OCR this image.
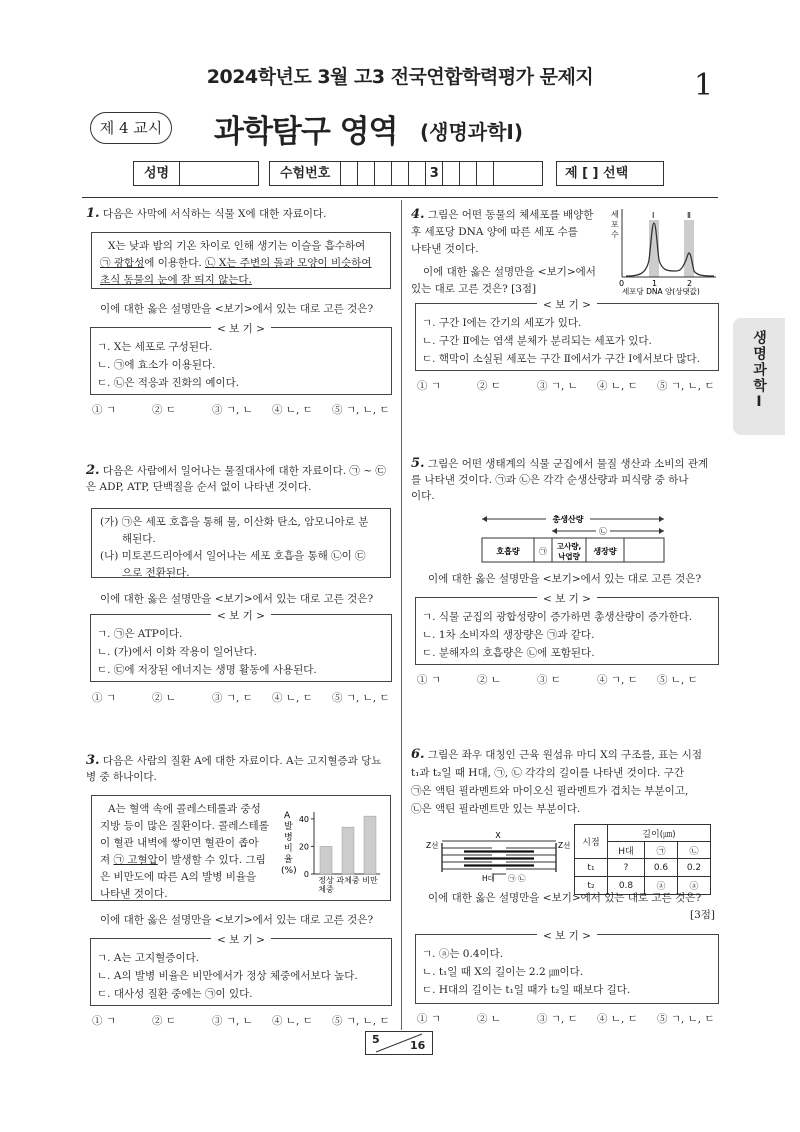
2024학년도 3월 고3 전국연합학력평가 문제지	1
제 4 교시	과학탐구 영역 (생명과학Ⅰ)
성명	수험번호	3	제 [ ] 선택
생명과학Ⅰ
1. 다음은 사막에 서식하는 식물 X에 대한 자료이다.
X는 낮과 밤의 기온 차이로 인해 생기는 이슬을 흡수하여
㉠ 광합성에 이용한다. ㉡ X는 주변의 돌과 모양이 비슷하여
초식 동물의 눈에 잘 띄지 않는다.
이에 대한 옳은 설명만을 <보기>에서 있는 대로 고른 것은?
< 보 기 >
ㄱ. X는 세포로 구성된다.
ㄴ. ㉠에 효소가 이용된다.
ㄷ. ㉡은 적응과 진화의 예이다.
① ㄱ	② ㄷ	③ ㄱ, ㄴ ④ ㄴ, ㄷ ⑤ ㄱ, ㄴ, ㄷ
2. 다음은 사람에서 일어나는 물질대사에 대한 자료이다. ㉠ ~ ㉢
은 ADP, ATP, 단백질을 순서 없이 나타낸 것이다.
(가) ㉠은 세포 호흡을 통해 물, 이산화 탄소, 암모니아로 분
해된다.
(나) 미토콘드리아에서 일어나는 세포 호흡을 통해 ㉡이 ㉢
으로 전환된다.
이에 대한 옳은 설명만을 <보기>에서 있는 대로 고른 것은?
< 보 기 >
ㄱ. ㉠은 ATP이다.
ㄴ. (가)에서 이화 작용이 일어난다.
ㄷ. ㉢에 저장된 에너지는 생명 활동에 사용된다.
① ㄱ	② ㄴ	③ ㄱ, ㄷ ④ ㄴ, ㄷ ⑤ ㄱ, ㄴ, ㄷ
3. 다음은 사람의 질환 A에 대한 자료이다. A는 고지혈증과 당뇨
병 중 하나이다.
A는 혈액 속에 콜레스테롤과 중성
지방 등이 많은 질환이다. 콜레스테롤
이 혈관 내벽에 쌓이면 혈관이 좁아
져 ㉠ 고혈압이 발생할 수 있다. 그림
은 비만도에 따른 A의 발병 비율을
나타낸 것이다.
A
발
병
비
율
(%) 0
20
40
정상 과체중 비만
체중
이에 대한 옳은 설명만을 <보기>에서 있는 대로 고른 것은?
< 보 기 >
ㄱ. A는 고지혈증이다.
ㄴ. A의 발병 비율은 비만에서가 정상 체중에서보다 높다.
ㄷ. 대사성 질환 중에는 ㉠이 있다.
① ㄱ	② ㄷ	③ ㄱ, ㄴ ④ ㄴ, ㄷ ⑤ ㄱ, ㄴ, ㄷ
4. 그림은 어떤 동물의 체세포를 배양한
후 세포당 DNA 양에 따른 세포 수를
나타낸 것이다.
이에 대한 옳은 설명만을 <보기>에서
있는 대로 고른 것은? [3점]
세
포
수
Ⅰ	Ⅱ
0	1	2
세포당 DNA 양(상댓값)
< 보 기 >
ㄱ. 구간 Ⅰ에는 간기의 세포가 있다.
ㄴ. 구간 Ⅱ에는 염색 분체가 분리되는 세포가 있다.
ㄷ. 핵막이 소실된 세포는 구간 Ⅱ에서가 구간 Ⅰ에서보다 많다.
① ㄱ	② ㄷ	③ ㄱ, ㄴ ④ ㄴ, ㄷ ⑤ ㄱ, ㄴ, ㄷ
5. 그림은 어떤 생태계의 식물 군집에서 물질 생산과 소비의 관계
를 나타낸 것이다. ㉠과 ㉡은 각각 순생산량과 피식량 중 하나
이다.
총생산량
㉡
호흡량 ㉠
고사량,
낙엽량
생장량
이에 대한 옳은 설명만을 <보기>에서 있는 대로 고른 것은?
< 보 기 >
ㄱ. 식물 군집의 광합성량이 증가하면 총생산량이 증가한다.
ㄴ. 1차 소비자의 생장량은 ㉠과 같다.
ㄷ. 분해자의 호흡량은 ㉡에 포함된다.
① ㄱ	② ㄴ	③ ㄷ	④ ㄱ, ㄷ ⑤ ㄴ, ㄷ
6. 그림은 좌우 대칭인 근육 원섬유 마디 X의 구조를, 표는 시점
t₁과 t₂일 때 H대, ㉠, ㉡ 각각의 길이를 나타낸 것이다. 구간
㉠은 액틴 필라멘트와 마이오신 필라멘트가 겹치는 부분이고,
㉡은 액틴 필라멘트만 있는 부분이다.
X
Z선	Z선
H대 ㉠ ㉡
시점	길이(㎛)		
	H대	㉠	㉡
t₁	?	0.6	0.2
t₂	0.8	ⓐ	ⓐ
이에 대한 옳은 설명만을 <보기>에서 있는 대로 고른 것은?
[3점]
< 보 기 >
ㄱ. ⓐ는 0.4이다.
ㄴ. t₁일 때 X의 길이는 2.2 ㎛이다.
ㄷ. H대의 길이는 t₁일 때가 t₂일 때보다 길다.
① ㄱ	② ㄴ	③ ㄱ, ㄷ ④ ㄴ, ㄷ ⑤ ㄱ, ㄴ, ㄷ
5	16
